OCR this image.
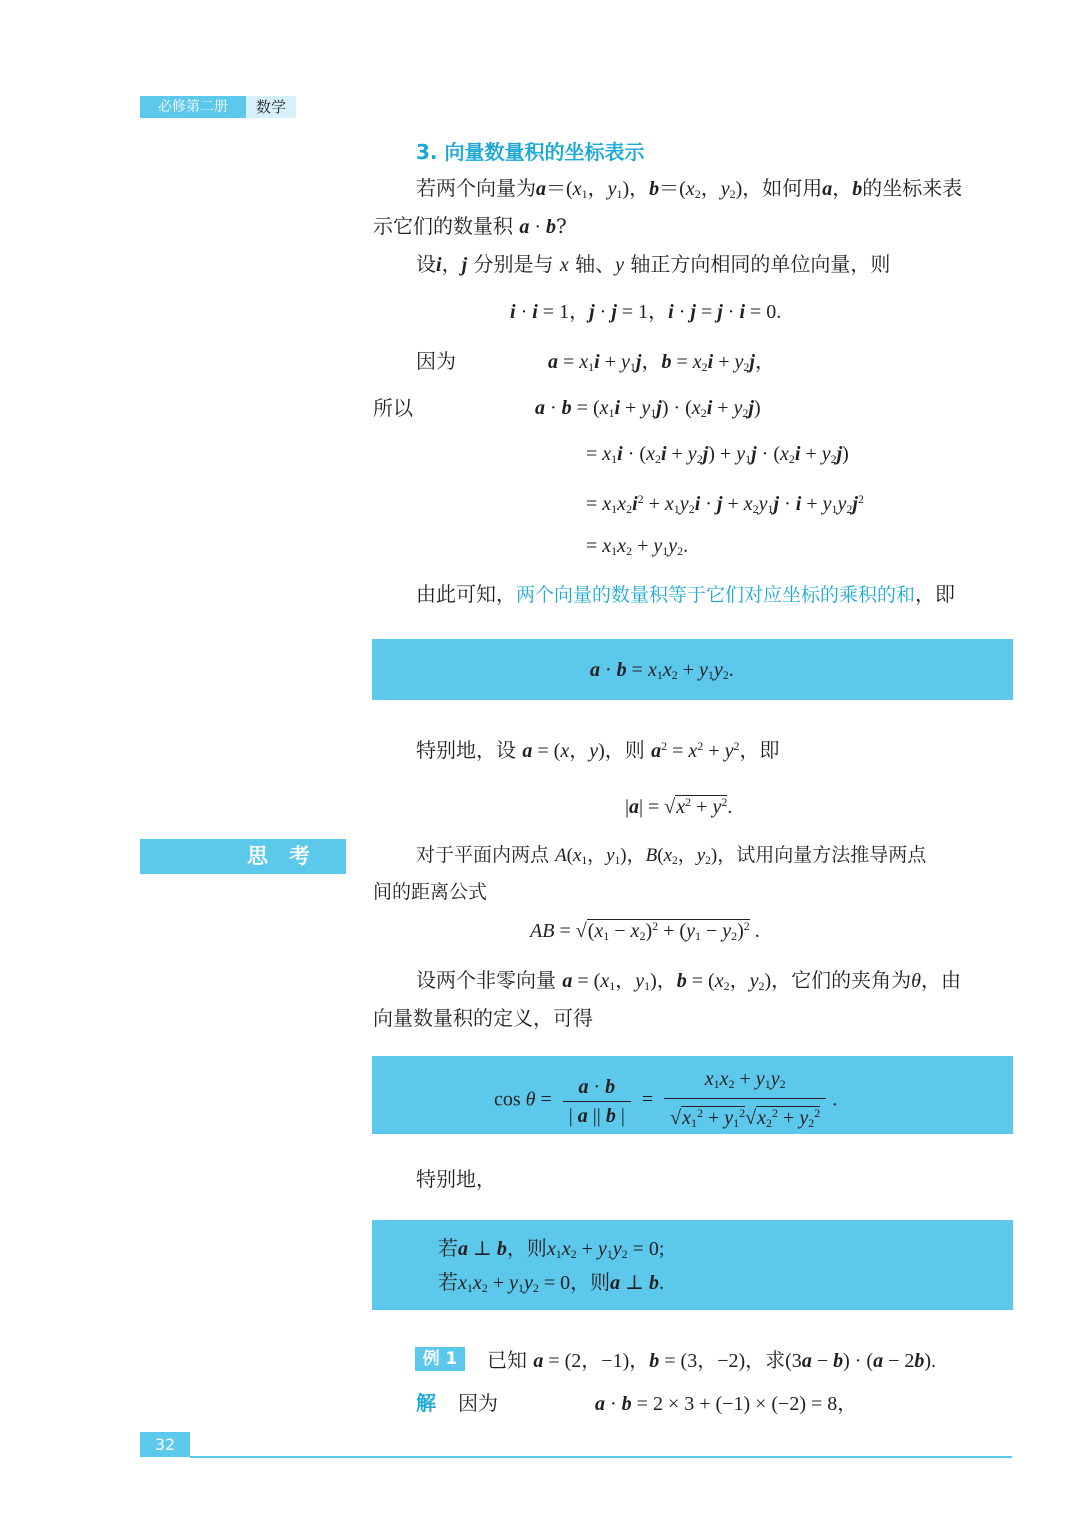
必修第二册	数学
3. 向量数量积的坐标表示
若两个向量为$a=(x_1$，$y_1$)，$b=(x_2$，$y_2$)，如何用a，b的坐标来表
示它们的数量积 a · b?
设i，j 分别是与 x 轴、y 轴正方向相同的单位向量，则
i · i = 1，j · j = 1，i · j = j · i = 0.
因为	$a = x_1i + y_1j$，$b = x_2i + y_2j$，
所以	$a \cdot b = (x_1i + y_1j) \cdot (x_2i + y_2j)$
= $x_1i \cdot (x_2i + y_2j) + y_1j \cdot (x_2i + y_2j)$
= $x_1x_2i^2 + x_1y_2i \cdot j + x_2y_1j \cdot i + y_1y_2j^2$
= $x_1x_2 + y_1y_2$.
由此可知，两个向量的数量积等于它们对应坐标的乘积的和，即
$a \cdot b = x_1x_2 + y_1y_2$.
特别地，设 a = (x，y)，则 $a^2 = x^2 + y^2$，即
$|a| = √x^2 + y^2$.
思　考	对于平面内两点 $A(x_1$，$y_1$)，$B(x_2$，$y_2$)，试用向量方法推导两点
间的距离公式
AB = $√(x_1 - x_2)^2 + (y_1 - y_2)^2$ .
设两个非零向量 $a = (x_1$，$y_1$)，$b = (x_2$，$y_2$)，它们的夹角为θ，由
向量数量积的定义，可得
$\cos \theta = \frac{a \cdot b}{| a || b |} = \frac{x_1x_2 + y_1y_2}{√x_1^2 + y_1^2√x_2^2 + y_2^2}$ .
特别地，
若a ⊥ b，则$x_1x_2 + y_1y_2 = 0$;
若$x_1x_2 + y_1y_2 = 0$，则a ⊥ b.
例 1	已知 a = (2，−1)，b = (3，−2)，求(3a − b) · (a − 2b).
解 因为	a · b = 2 × 3 + (−1) × (−2) = 8，
32
